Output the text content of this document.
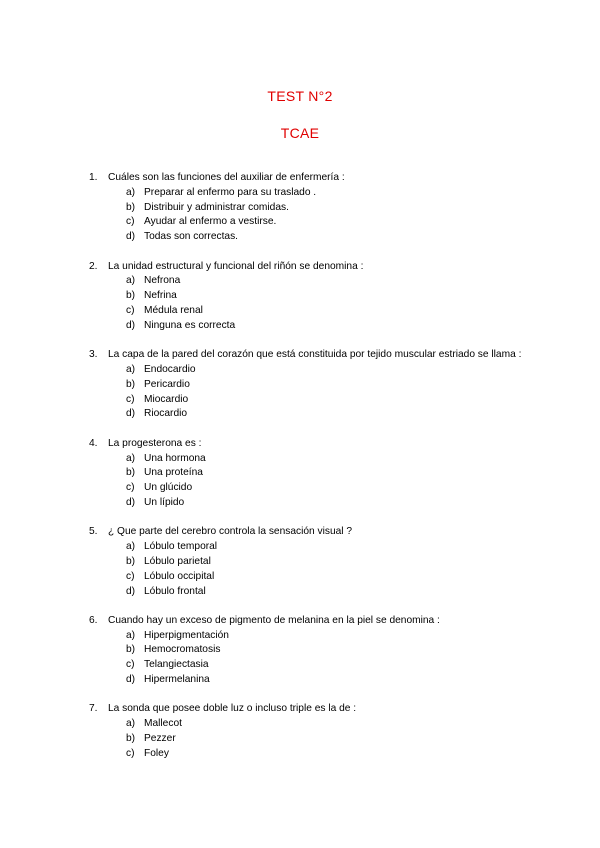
TEST N°2
TCAE
1.	Cuáles son las funciones del auxiliar de enfermería :
a) Preparar al enfermo para su traslado .
b) Distribuir y administrar comidas.
c) Ayudar al enfermo a vestirse.
d) Todas son correctas.
2.	La unidad estructural y funcional del riñón se denomina :
a) Nefrona
b) Nefrina
c) Médula renal
d) Ninguna es correcta
3.	La capa de la pared del corazón que está constituida por tejido muscular estriado se llama :
a) Endocardio
b) Pericardio
c) Miocardio
d) Riocardio
4.	La progesterona es :
a) Una hormona
b) Una proteína
c) Un glúcido
d) Un lípido
5.	¿ Que parte del cerebro controla la sensación visual ?
a) Lóbulo temporal
b) Lóbulo parietal
c) Lóbulo occipital
d) Lóbulo frontal
6.	Cuando hay un exceso de pigmento de melanina en la piel se denomina :
a) Hiperpigmentación
b) Hemocromatosis
c) Telangiectasia
d) Hipermelanina
7.	La sonda que posee doble luz o incluso triple es la de :
a) Mallecot
b) Pezzer
c) Foley
